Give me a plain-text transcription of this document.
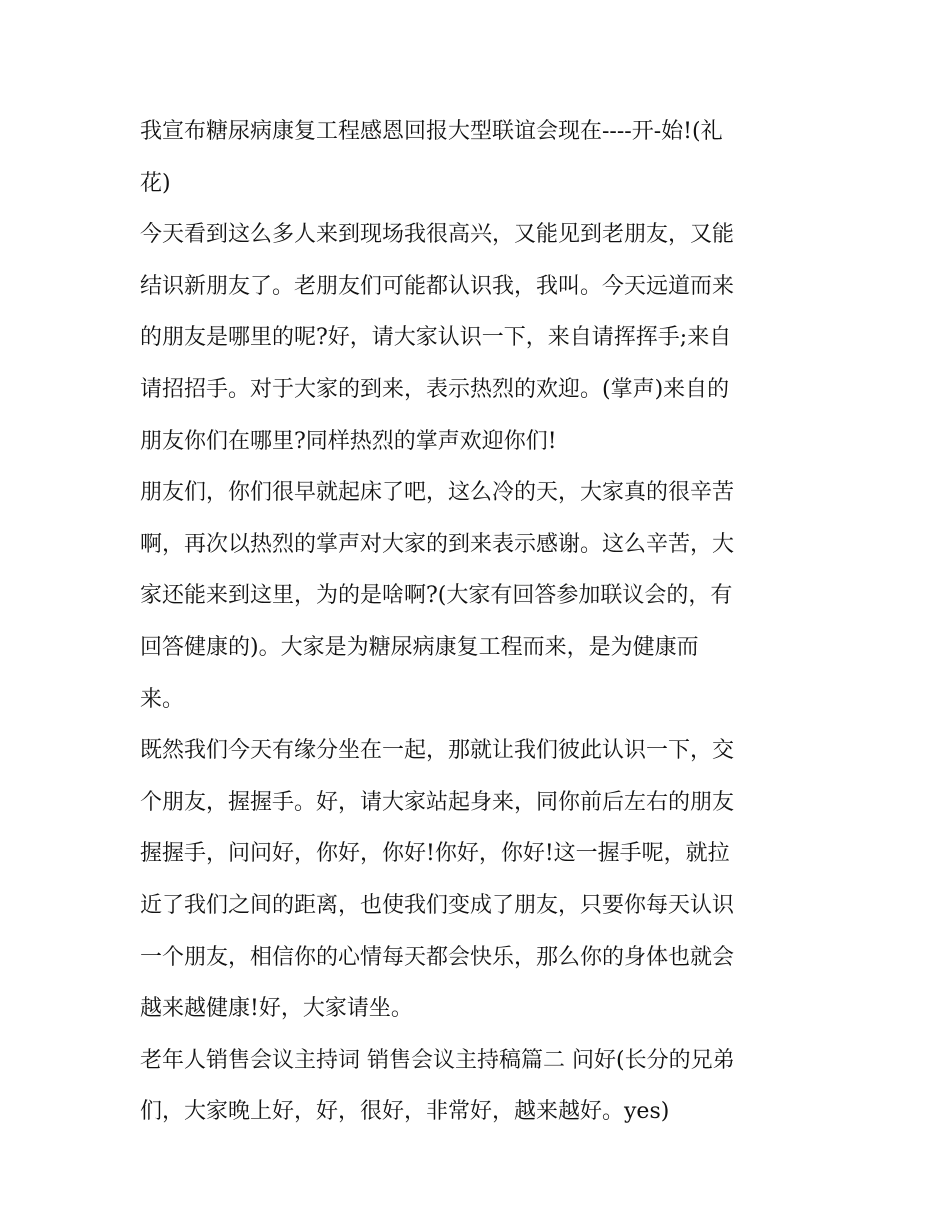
我宣布糖尿病康复工程感恩回报大型联谊会现在----开-始!(礼
花)
今天看到这么多人来到现场我很高兴，又能见到老朋友，又能
结识新朋友了。老朋友们可能都认识我，我叫。今天远道而来
的朋友是哪里的呢?好，请大家认识一下，来自请挥挥手;来自
请招招手。对于大家的到来，表示热烈的欢迎。(掌声)来自的
朋友你们在哪里?同样热烈的掌声欢迎你们!
朋友们，你们很早就起床了吧，这么冷的天，大家真的很辛苦
啊，再次以热烈的掌声对大家的到来表示感谢。这么辛苦，大
家还能来到这里，为的是啥啊?(大家有回答参加联议会的，有
回答健康的)。大家是为糖尿病康复工程而来，是为健康而
来。
既然我们今天有缘分坐在一起，那就让我们彼此认识一下，交
个朋友，握握手。好，请大家站起身来，同你前后左右的朋友
握握手，问问好，你好，你好!你好，你好!这一握手呢，就拉
近了我们之间的距离，也使我们变成了朋友，只要你每天认识
一个朋友，相信你的心情每天都会快乐，那么你的身体也就会
越来越健康!好，大家请坐。
老年人销售会议主持词 销售会议主持稿篇二 问好(长分的兄弟
们，大家晚上好，好，很好，非常好，越来越好。yes)
